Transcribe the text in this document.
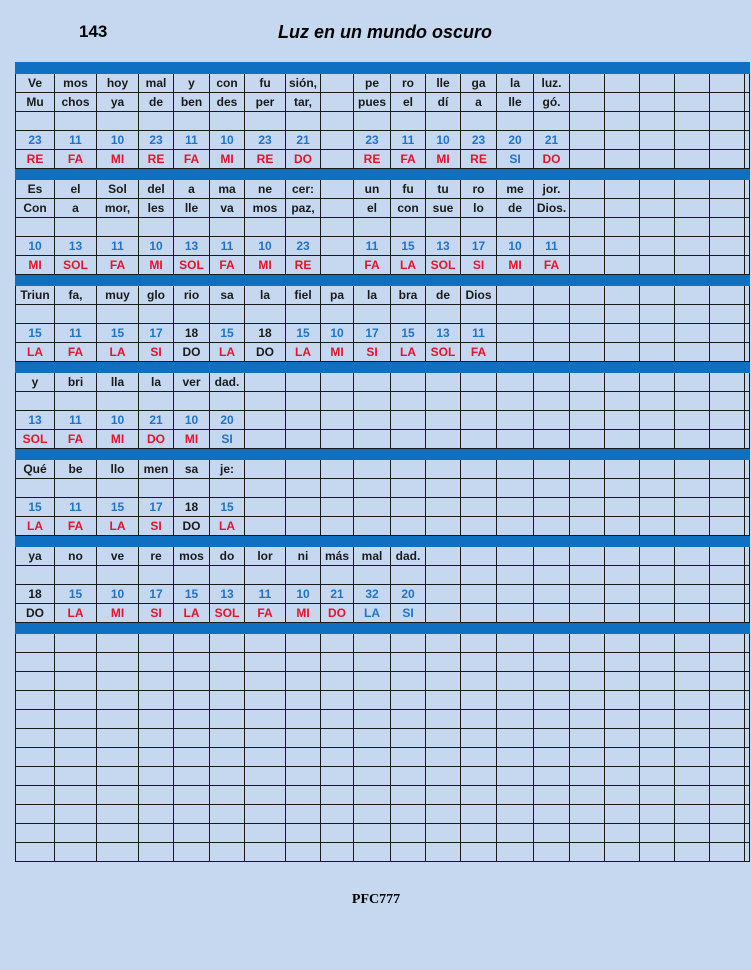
143	Luz en un mundo oscuro

Ve	mos	hoy	mal	y	con	fu	sión,		pe	ro	lle	ga	la	luz.						
Mu	chos	ya	de	ben	des	per	tar,		pues	el	dí	a	lle	gó.						

23	11	10	23	11	10	23	21		23	11	10	23	20	21						
RE	FA	MI	RE	FA	MI	RE	DO		RE	FA	MI	RE	SI	DO						

Es	el	Sol	del	a	ma	ne	cer:		un	fu	tu	ro	me	jor.						
Con	a	mor,	les	lle	va	mos	paz,		el	con	sue	lo	de	Dios.						

10	13	11	10	13	11	10	23		11	15	13	17	10	11						
MI	SOL	FA	MI	SOL	FA	MI	RE		FA	LA	SOL	SI	MI	FA						

Triun	fa,	muy	glo	rio	sa	la	fiel	pa	la	bra	de	Dios								

15	11	15	17	18	15	18	15	10	17	15	13	11								
LA	FA	LA	SI	DO	LA	DO	LA	MI	SI	LA	SOL	FA								

y	bri	lla	la	ver	dad.															

13	11	10	21	10	20															
SOL	FA	MI	DO	MI	SI															

Qué	be	llo	men	sa	je:															

15	11	15	17	18	15															
LA	FA	LA	SI	DO	LA															

ya	no	ve	re	mos	do	lor	ni	más	mal	dad.										

18	15	10	17	15	13	11	10	21	32	20										
DO	LA	MI	SI	LA	SOL	FA	MI	DO	LA	SI										

PFC777
